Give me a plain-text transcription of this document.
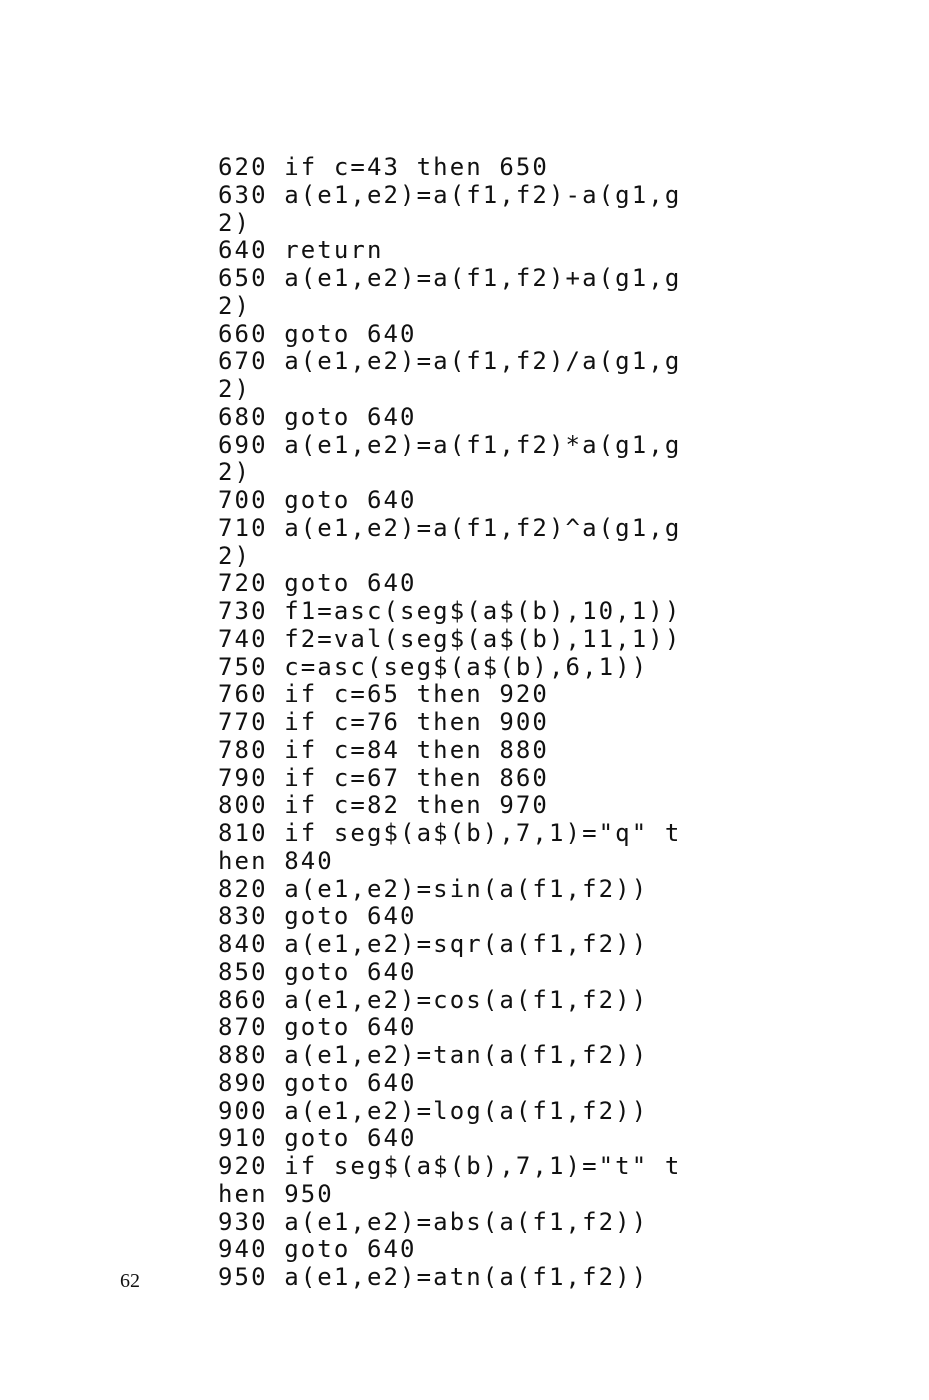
620 if c=43 then 650
630 a(e1,e2)=a(f1,f2)-a(g1,g
2)
640 return
650 a(e1,e2)=a(f1,f2)+a(g1,g
2)
660 goto 640
670 a(e1,e2)=a(f1,f2)/a(g1,g
2)
680 goto 640
690 a(e1,e2)=a(f1,f2)*a(g1,g
2)
700 goto 640
710 a(e1,e2)=a(f1,f2)^a(g1,g
2)
720 goto 640
730 f1=asc(seg$(a$(b),10,1))
740 f2=val(seg$(a$(b),11,1))
750 c=asc(seg$(a$(b),6,1))
760 if c=65 then 920
770 if c=76 then 900
780 if c=84 then 880
790 if c=67 then 860
800 if c=82 then 970
810 if seg$(a$(b),7,1)="q" t
hen 840
820 a(e1,e2)=sin(a(f1,f2))
830 goto 640
840 a(e1,e2)=sqr(a(f1,f2))
850 goto 640
860 a(e1,e2)=cos(a(f1,f2))
870 goto 640
880 a(e1,e2)=tan(a(f1,f2))
890 goto 640
900 a(e1,e2)=log(a(f1,f2))
910 goto 640
920 if seg$(a$(b),7,1)="t" t
hen 950
930 a(e1,e2)=abs(a(f1,f2))
940 goto 640
950 a(e1,e2)=atn(a(f1,f2))
62
